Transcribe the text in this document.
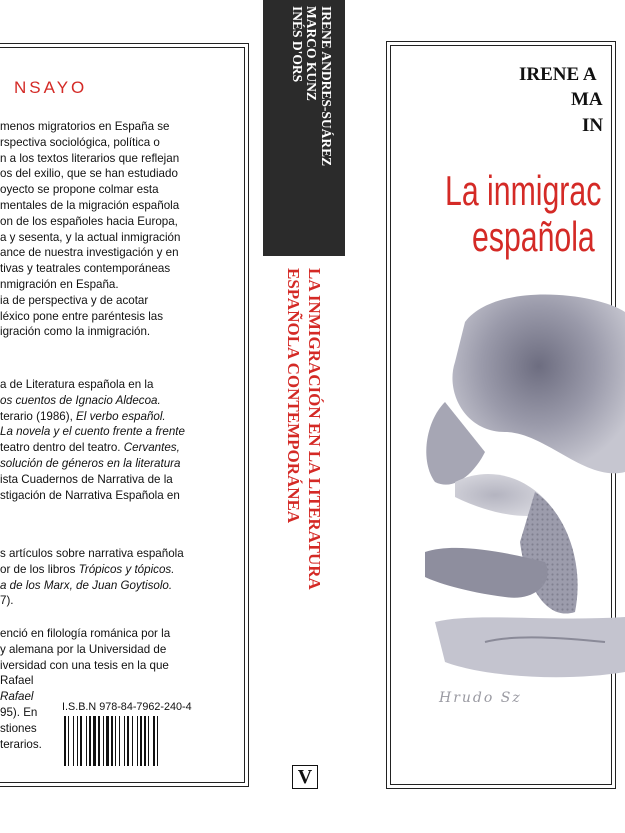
NSAYO

menos migratorios en España se

rspectiva sociológica, política o

n a los textos literarios que reflejan

os del exilio, que se han estudiado

oyecto se propone colmar esta

mentales de la migración española

on de los españoles hacia Europa,

a y sesenta, y la actual inmigración

ance de nuestra investigación y en

tivas y teatrales contemporáneas

nmigración en España.

ia de perspectiva y de acotar

léxico pone entre paréntesis las

igración como la inmigración.

a de Literatura española en la

os cuentos de Ignacio Aldecoa.

terario (1986), El verbo español.

La novela y el cuento frente a frente

teatro dentro del teatro. Cervantes,

solución de géneros en la literatura

ista Cuadernos de Narrativa de la

stigación de Narrativa Española en

s artículos sobre narrativa española

or de los libros Trópicos y tópicos.

a de los Marx, de Juan Goytisolo.

7).

enció en filología románica por la

y alemana por la Universidad de

iversidad con una tesis en la que

Rafael

Rafael

95). En

stiones

terarios.

I.S.B.N 978-84-7962-240-4
IRENE ANDRES-SUÁREZ
MARCO KUNZ
INÉS D'ORS
LA INMIGRACIÓN EN LA LITERATURA
ESPAÑOLA CONTEMPORÁNEA
V
IRENE A
MA
IN
La inmigrac
española
Hrudo Sz
